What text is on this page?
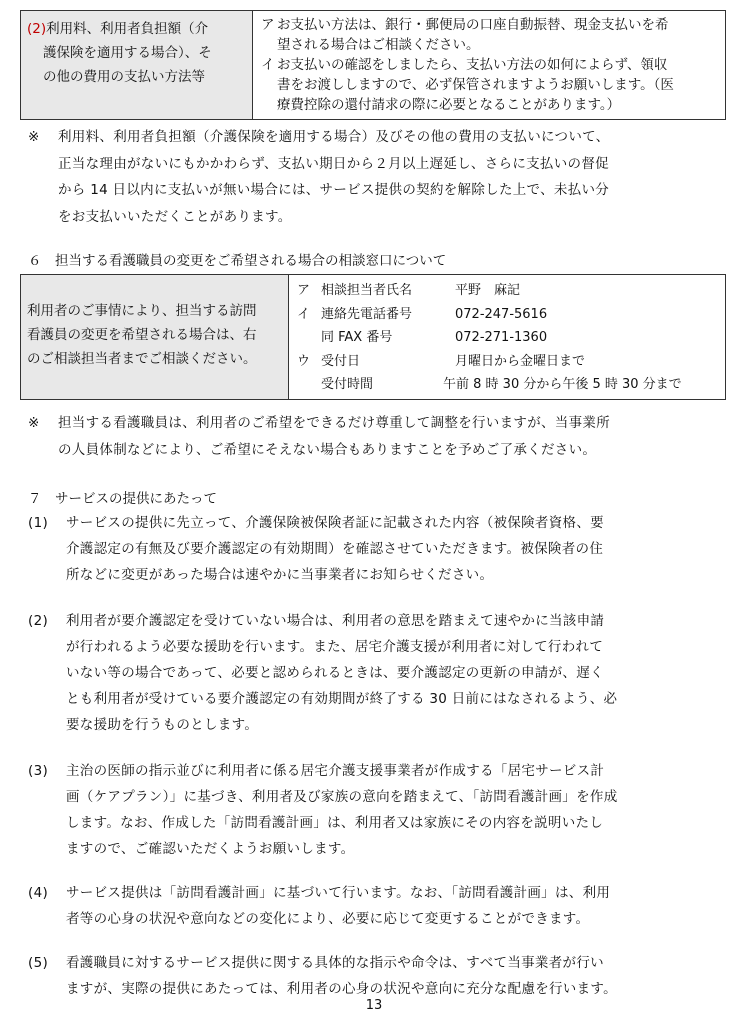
(2)利用料、利用者負担額（介
護保険を適用する場合）、そ
の他の費用の支払い方法等
ア お支払い方法は、銀行・郵便局の口座自動振替、現金支払いを希
望される場合はご相談ください。
イ お支払いの確認をしましたら、支払い方法の如何によらず、領収
書をお渡ししますので、必ず保管されますようお願いします。（医
療費控除の還付請求の際に必要となることがあります。）
※ 利用料、利用者負担額（介護保険を適用する場合）及びその他の費用の支払いについて、
正当な理由がないにもかかわらず、支払い期日から２月以上遅延し、さらに支払いの督促
から 14 日以内に支払いが無い場合には、サービス提供の契約を解除した上で、未払い分
をお支払いいただくことがあります。
６　担当する看護職員の変更をご希望される場合の相談窓口について
利用者のご事情により、担当する訪問
看護員の変更を希望される場合は、右
のご相談担当者までご相談ください。
ア 相談担当者氏名	平野　麻記
イ 連絡先電話番号	072-247-5616
同 FAX 番号	072-271-1360
ウ 受付日	月曜日から金曜日まで
受付時間	午前 8 時 30 分から午後 5 時 30 分まで
※ 担当する看護職員は、利用者のご希望をできるだけ尊重して調整を行いますが、当事業所
の人員体制などにより、ご希望にそえない場合もありますことを予めご了承ください。
７　サービスの提供にあたって
(1) サービスの提供に先立って、介護保険被保険者証に記載された内容（被保険者資格、要
介護認定の有無及び要介護認定の有効期間）を確認させていただきます。被保険者の住
所などに変更があった場合は速やかに当事業者にお知らせください。
(2) 利用者が要介護認定を受けていない場合は、利用者の意思を踏まえて速やかに当該申請
が行われるよう必要な援助を行います。また、居宅介護支援が利用者に対して行われて
いない等の場合であって、必要と認められるときは、要介護認定の更新の申請が、遅く
とも利用者が受けている要介護認定の有効期間が終了する 30 日前にはなされるよう、必
要な援助を行うものとします。
(3) 主治の医師の指示並びに利用者に係る居宅介護支援事業者が作成する「居宅サービス計
画（ケアプラン）」に基づき、利用者及び家族の意向を踏まえて、「訪問看護計画」を作成
します。なお、作成した「訪問看護計画」は、利用者又は家族にその内容を説明いたし
ますので、ご確認いただくようお願いします。
(4) サービス提供は「訪問看護計画」に基づいて行います。なお、「訪問看護計画」は、利用
者等の心身の状況や意向などの変化により、必要に応じて変更することができます。
(5) 看護職員に対するサービス提供に関する具体的な指示や命令は、すべて当事業者が行い
ますが、実際の提供にあたっては、利用者の心身の状況や意向に充分な配慮を行います。
13
